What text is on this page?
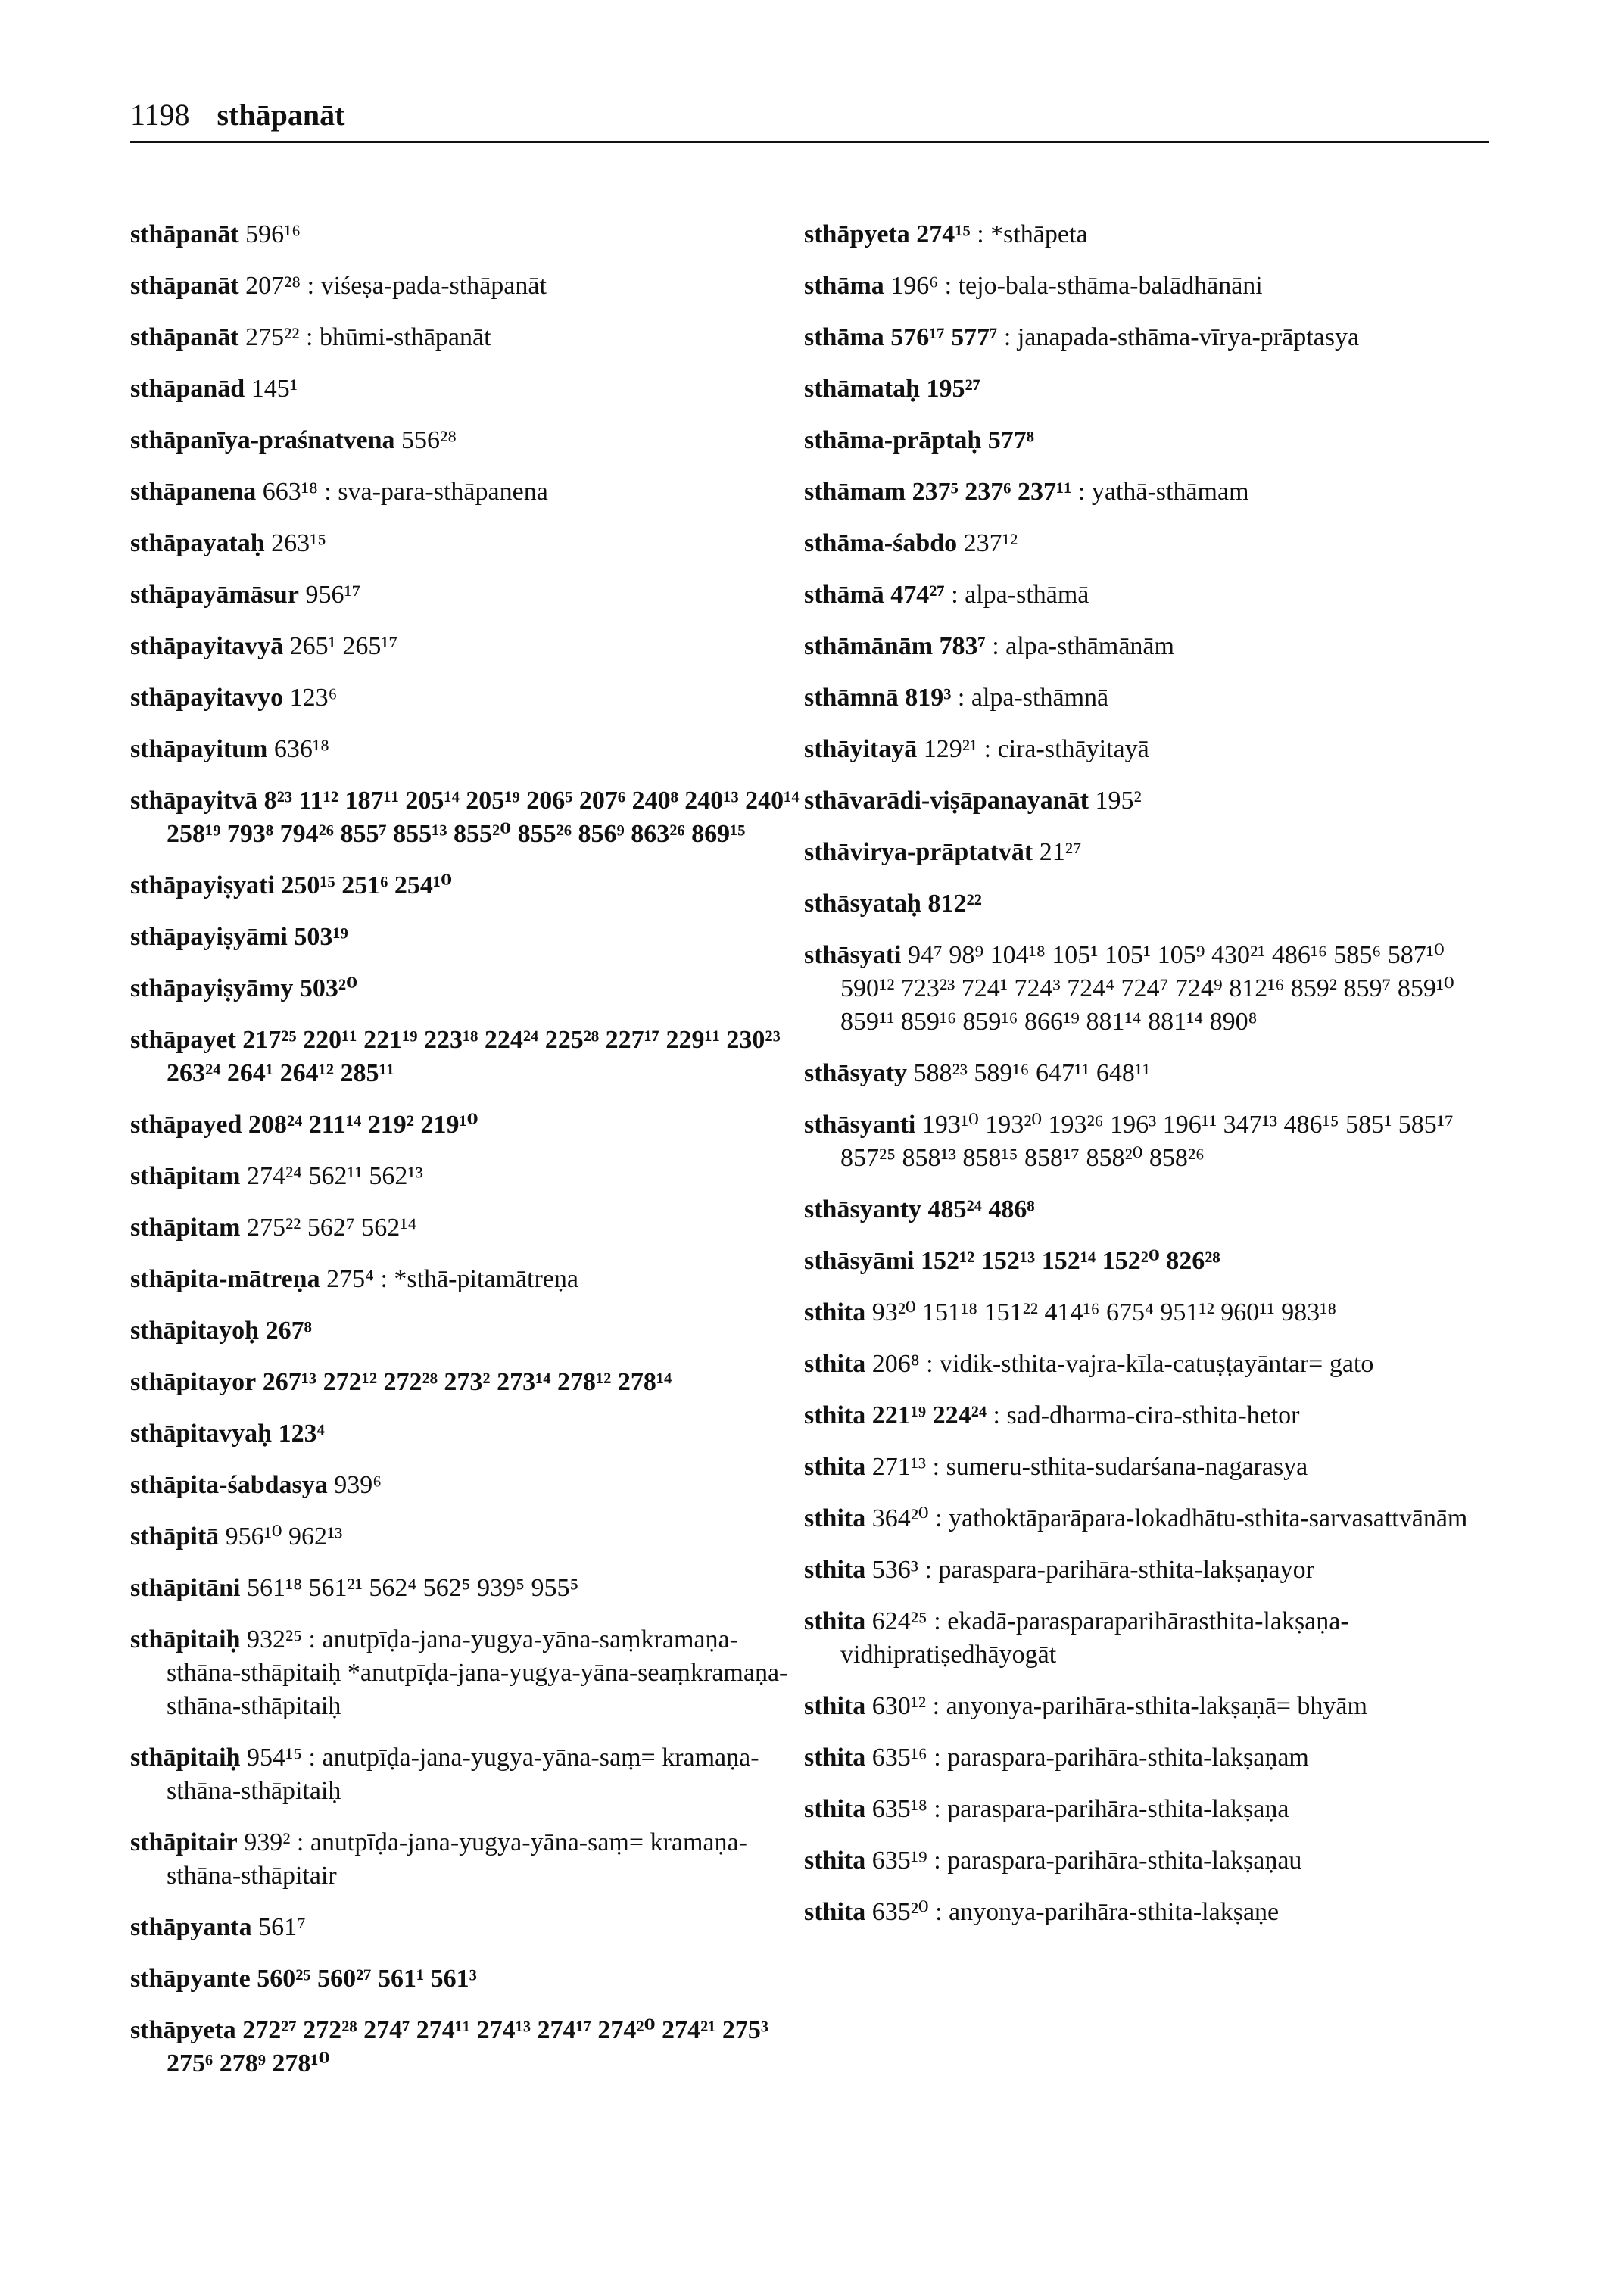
1198 sthāpanāt
sthāpanāt 596¹⁶
sthāpanāt 207²⁸ : viśeṣa-pada-sthāpanāt
sthāpanāt 275²² : bhūmi-sthāpanāt
sthāpanād 145¹
sthāpanīya-praśnatvena 556²⁸
sthāpanena 663¹⁸ : sva-para-sthāpanena
sthāpayataḥ 263¹⁵
sthāpayāmāsur 956¹⁷
sthāpayitavyā 265¹ 265¹⁷
sthāpayitavyo 123⁶
sthāpayitum 636¹⁸
sthāpayitvā 8²³ 11¹² 187¹¹ 205¹⁴ 205¹⁹ 206⁵ 207⁶ 240⁸ 240¹³ 240¹⁴ 258¹⁹ 793⁸ 794²⁶ 855⁷ 855¹³ 855²⁰ 855²⁶ 856⁹ 863²⁶ 869¹⁵
sthāpayiṣyati 250¹⁵ 251⁶ 254¹⁰
sthāpayiṣyāmi 503¹⁹
sthāpayiṣyāmy 503²⁰
sthāpayet 217²⁵ 220¹¹ 221¹⁹ 223¹⁸ 224²⁴ 225²⁸ 227¹⁷ 229¹¹ 230²³ 263²⁴ 264¹ 264¹² 285¹¹
sthāpayed 208²⁴ 211¹⁴ 219² 219¹⁰
sthāpitam 274²⁴ 562¹¹ 562¹³
sthāpitam 275²² 562⁷ 562¹⁴
sthāpita-mātreṇa 275⁴ : *sthā-pitamātreṇa
sthāpitayoḥ 267⁸
sthāpitayor 267¹³ 272¹² 272²⁸ 273² 273¹⁴ 278¹² 278¹⁴
sthāpitavyaḥ 123⁴
sthāpita-śabdasya 939⁶
sthāpitā 956¹⁰ 962¹³
sthāpitāni 561¹⁸ 561²¹ 562⁴ 562⁵ 939⁵ 955⁵
sthāpitaiḥ 932²⁵ : anutpīḍa-jana-yugya-yāna-saṃkramaṇa-sthāna-sthāpitaiḥ *anutpīḍa-jana-yugya-yāna-seaṃkramaṇa-sthāna-sthāpitaiḥ
sthāpitaiḥ 954¹⁵ : anutpīḍa-jana-yugya-yāna-saṃ= kramaṇa-sthāna-sthāpitaiḥ
sthāpitair 939² : anutpīḍa-jana-yugya-yāna-saṃ= kramaṇa-sthāna-sthāpitair
sthāpyanta 561⁷
sthāpyante 560²⁵ 560²⁷ 561¹ 561³
sthāpyeta 272²⁷ 272²⁸ 274⁷ 274¹¹ 274¹³ 274¹⁷ 274²⁰ 274²¹ 275³ 275⁶ 278⁹ 278¹⁰
sthāpyeta 274¹⁵ : *sthāpeta
sthāma 196⁶ : tejo-bala-sthāma-balādhānāni
sthāma 576¹⁷ 577⁷ : janapada-sthāma-vīrya-prāptasya
sthāmataḥ 195²⁷
sthāma-prāptaḥ 577⁸
sthāmam 237⁵ 237⁶ 237¹¹ : yathā-sthāmam
sthāma-śabdo 237¹²
sthāmā 474²⁷ : alpa-sthāmā
sthāmānām 783⁷ : alpa-sthāmānām
sthāmnā 819³ : alpa-sthāmnā
sthāyitayā 129²¹ : cira-sthāyitayā
sthāvarādi-viṣāpanayanāt 195²
sthāvirya-prāptatvāt 21²⁷
sthāsyataḥ 812²²
sthāsyati 94⁷ 98⁹ 104¹⁸ 105¹ 105¹ 105⁹ 430²¹ 486¹⁶ 585⁶ 587¹⁰ 590¹² 723²³ 724¹ 724³ 724⁴ 724⁷ 724⁹ 812¹⁶ 859² 859⁷ 859¹⁰ 859¹¹ 859¹⁶ 859¹⁶ 866¹⁹ 881¹⁴ 881¹⁴ 890⁸
sthāsyaty 588²³ 589¹⁶ 647¹¹ 648¹¹
sthāsyanti 193¹⁰ 193²⁰ 193²⁶ 196³ 196¹¹ 347¹³ 486¹⁵ 585¹ 585¹⁷ 857²⁵ 858¹³ 858¹⁵ 858¹⁷ 858²⁰ 858²⁶
sthāsyanty 485²⁴ 486⁸
sthāsyāmi 152¹² 152¹³ 152¹⁴ 152²⁰ 826²⁸
sthita 93²⁰ 151¹⁸ 151²² 414¹⁶ 675⁴ 951¹² 960¹¹ 983¹⁸
sthita 206⁸ : vidik-sthita-vajra-kīla-catuṣṭayāntar= gato
sthita 221¹⁹ 224²⁴ : sad-dharma-cira-sthita-hetor
sthita 271¹³ : sumeru-sthita-sudarśana-nagarasya
sthita 364²⁰ : yathoktāparāpara-lokadhātu-sthita-sarvasattvānām
sthita 536³ : paraspara-parihāra-sthita-lakṣaṇayor
sthita 624²⁵ : ekadā-parasparaparihārasthita-lakṣaṇa-vidhipratiṣedhāyogāt
sthita 630¹² : anyonya-parihāra-sthita-lakṣaṇā= bhyām
sthita 635¹⁶ : paraspara-parihāra-sthita-lakṣaṇam
sthita 635¹⁸ : paraspara-parihāra-sthita-lakṣaṇa
sthita 635¹⁹ : paraspara-parihāra-sthita-lakṣaṇau
sthita 635²⁰ : anyonya-parihāra-sthita-lakṣaṇe
